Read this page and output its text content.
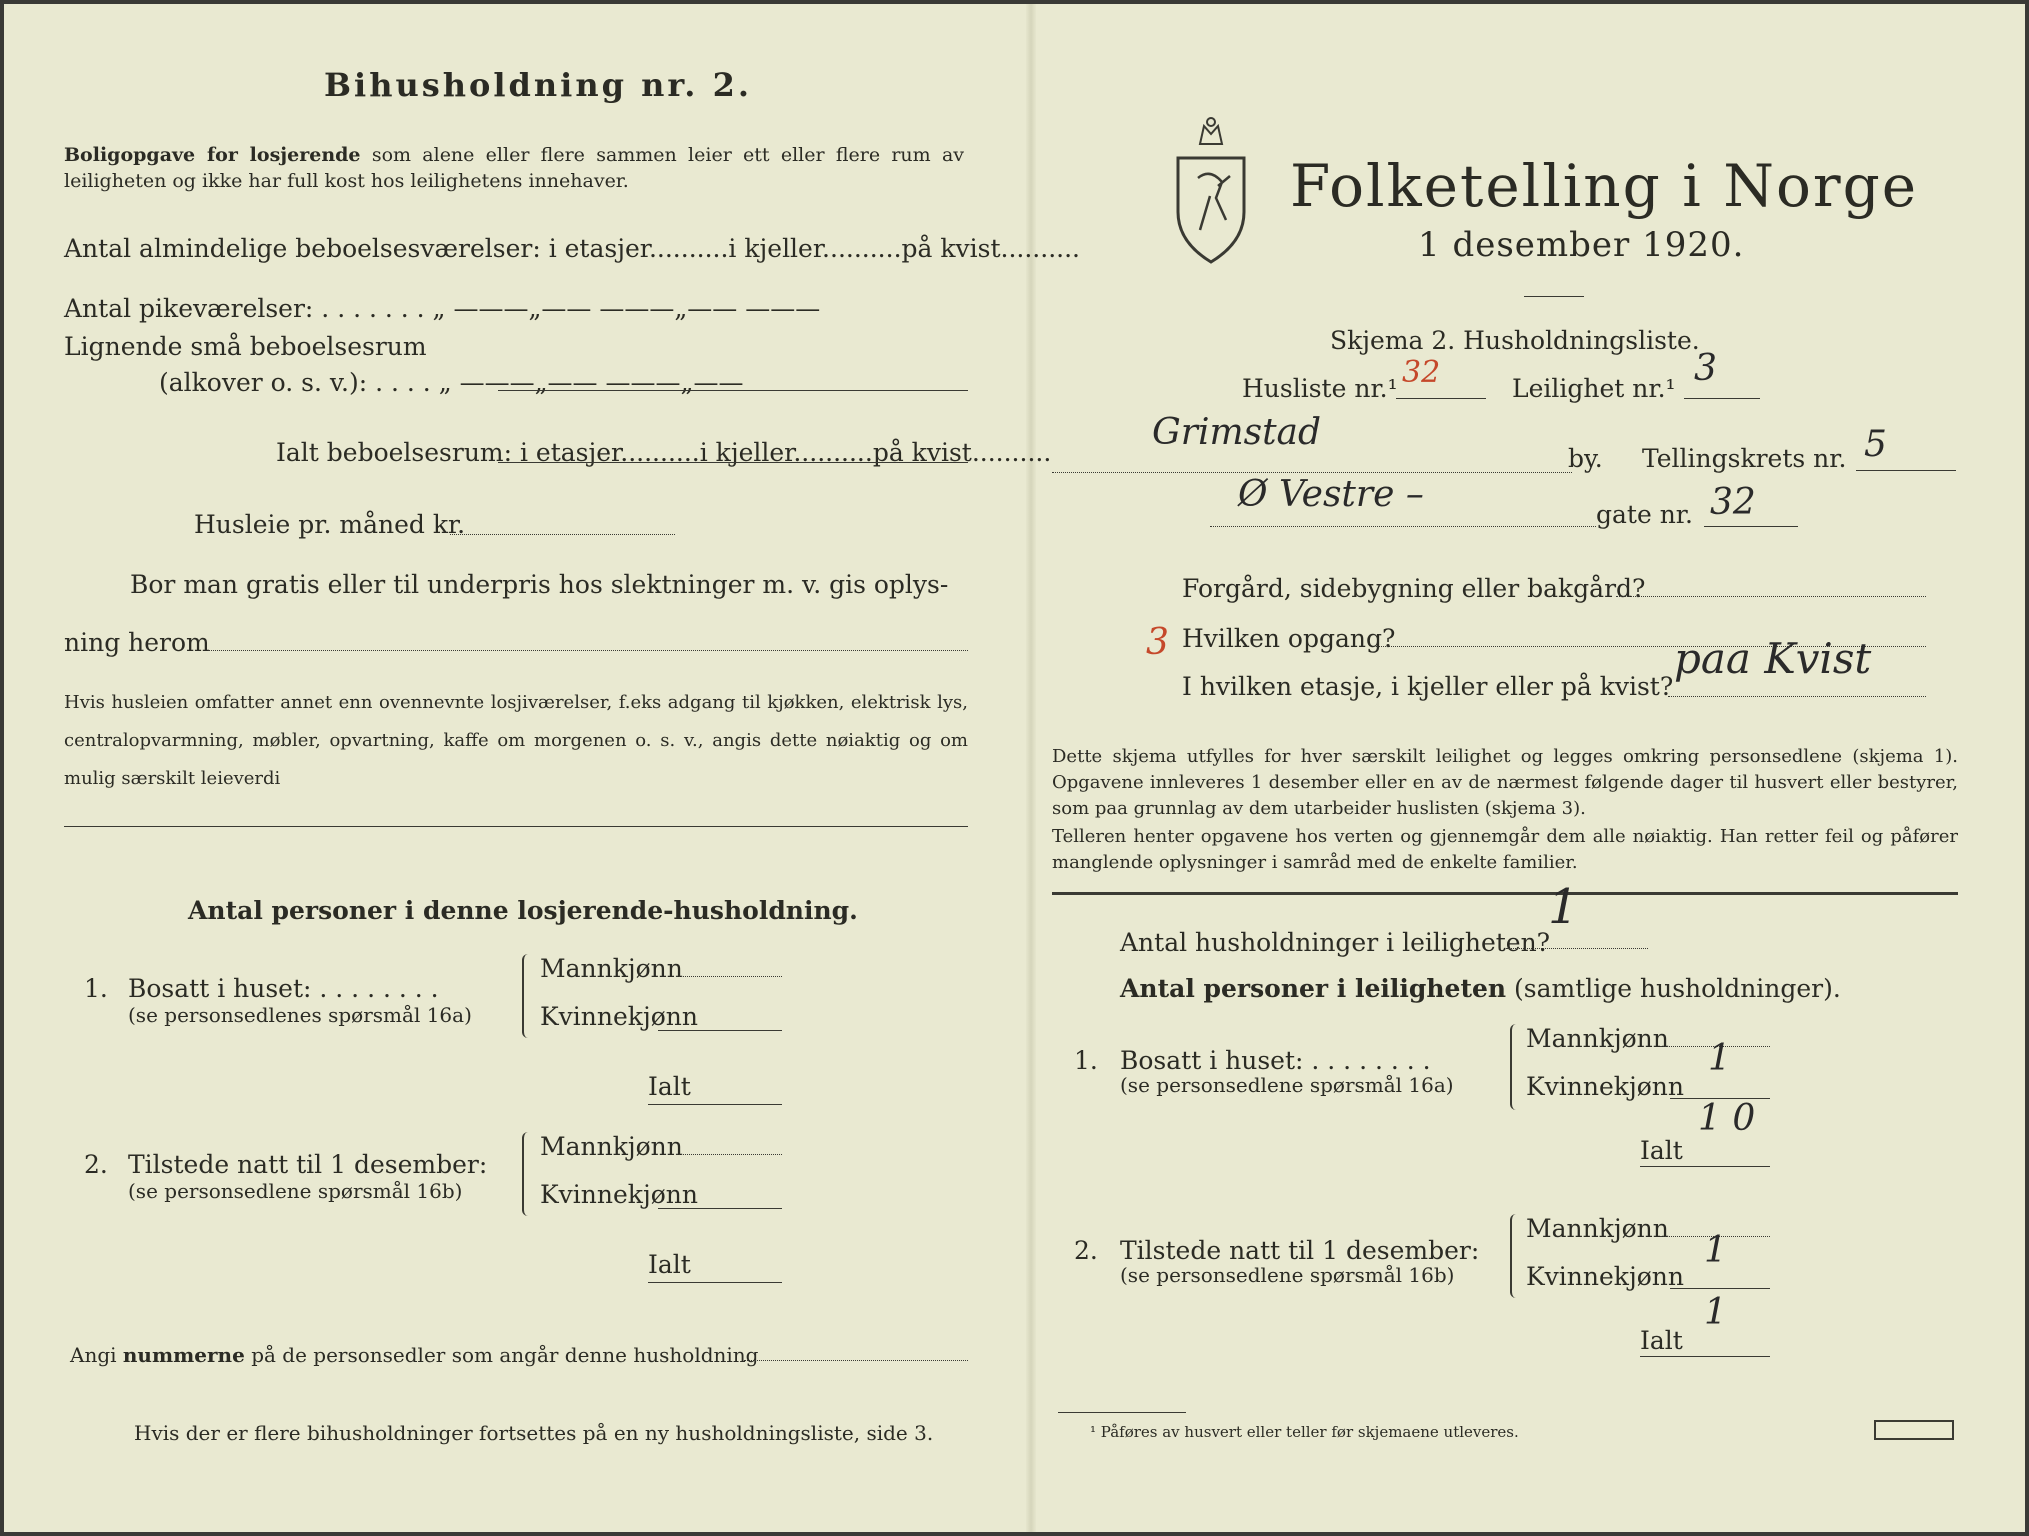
Bihusholdning nr. 2.
Boligopgave for losjerende som alene eller flere sammen leier ett eller flere rum av leiligheten og ikke har full kost hos leilighetens innehaver.
Antal almindelige beboelsesværelser: i etasjer..........i kjeller..........på kvist..........
Antal pikeværelser: . . . . . . . „ ———„—— ———„—— ———
Lignende små beboelsesrum
(alkover o. s. v.): . . . . „ ———„—— ———„——
Ialt beboelsesrum: i etasjer..........i kjeller..........på kvist..........
Husleie pr. måned kr.
Bor man gratis eller til underpris hos slektninger m. v. gis oplys-
ning herom
Hvis husleien omfatter annet enn ovennevnte losjiværelser, f.eks adgang til kjøkken, elektrisk lys, centralopvarmning, møbler, opvartning, kaffe om morgenen o. s. v., angis dette nøiaktig og om mulig særskilt leieverdi
Antal personer i denne losjerende-husholdning.
1. Bosatt i huset: . . . . . . . .
(se personsedlenes spørsmål 16a)
Mannkjønn
Kvinnekjønn
Ialt
2. Tilstede natt til 1 desember:
(se personsedlene spørsmål 16b)
Mannkjønn
Kvinnekjønn
Ialt
Angi nummerne på de personsedler som angår denne husholdning
Hvis der er flere bihusholdninger fortsettes på en ny husholdningsliste, side 3.
Folketelling i Norge
1 desember 1920.
Skjema 2. Husholdningsliste.
Husliste nr.¹ 32	Leilighet nr.¹ 3
Grimstad
by. Tellingskrets nr. 5
Ø Vestre –	gate nr. 32
Forgård, sidebygning eller bakgård?
Hvilken opgang?
3
I hvilken etasje, i kjeller eller på kvist?
paa Kvist
Dette skjema utfylles for hver særskilt leilighet og legges omkring personsedlene (skjema 1). Opgavene innleveres 1 desember eller en av de nærmest følgende dager til husvert eller bestyrer, som paa grunnlag av dem utarbeider huslisten (skjema 3).
Telleren henter opgavene hos verten og gjennemgår dem alle nøiaktig. Han retter feil og påfører manglende oplysninger i samråd med de enkelte familier.
Antal husholdninger i leiligheten?
1
Antal personer i leiligheten (samtlige husholdninger).
1. Bosatt i huset: . . . . . . . .
(se personsedlene spørsmål 16a)
Mannkjønn
Kvinnekjønn
1
Ialt
1 0
2. Tilstede natt til 1 desember:
(se personsedlene spørsmål 16b)
Mannkjønn
Kvinnekjønn
1
Ialt
1
¹ Påføres av husvert eller teller før skjemaene utleveres.
